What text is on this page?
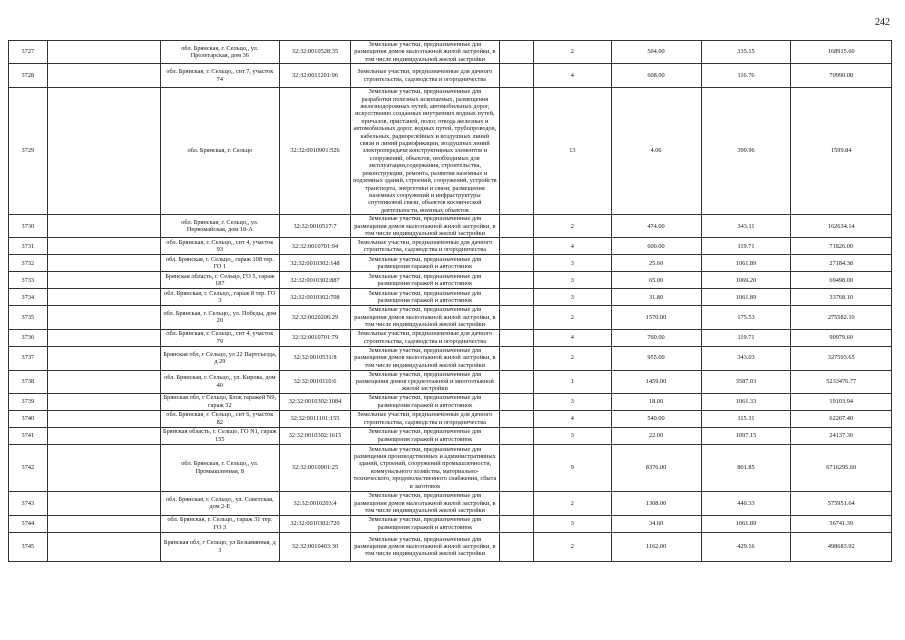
242
3727		обл. Брянская, г. Сельцо,, ул. Пролетарская, дом 36	32:32:0010528:35	Земельные участки, предназначенные для размещения домов малоэтажной жилой застройки, в том числе индивидуальной жилой застройки		2	504.00	335.15	168915.60
3728		обл. Брянская, г. Сельцо,, снт 7, участок 74	32:32:0011201:96	Земельные участки, предназначенные для дачного строительства, садоводства и огородничества		4	608.00	116.76	70990.08
3729		обл. Брянская, г. Сельцо	32:32:0010901:526	Земельные участки, предназначенные для разработки полезных ископаемых, размещения железнодорожных путей, автомобильных дорог, искусственно созданных внутренних водных путей, причалов, пристаней, полос отвода железных и автомобильных дорог, водных путей, трубопроводов, кабельных, радиорелейных и воздушных линий связи и линий радиофикации, воздушных линий электропередачи конструктивных элементов и сооружений, объектов, необходимых для эксплуатации,содержания, строительства, реконструкции, ремонта, развития наземных и подземных зданий, строений, сооружений, устройств транспорта, энергетики и связи; размещения наземных сооружений и инфраструктуры спутниковой связи, объектов космической деятельности, военных объектов		13	4.00	399.96	1599.84
3730		обл. Брянская, г. Сельцо,, ул. Первомайская, дом 18-А	32:32:0010517:7	Земельные участки, предназначенные для размещения домов малоэтажной жилой застройки, в том числе индивидуальной жилой застройки		2	474.00	343.11	162634.14
3731		обл. Брянская, г. Сельцо,, снт 4, участок 93	32:32:0010701:94	Земельные участки, предназначенные для дачного строительства, садоводства и огородничества		4	600.00	119.71	71826.00
3732		обл. Брянская, г. Сельцо,, гараж 108 тер. ГО 1	32:32:0010302:148	Земельные участки, предназначенные для размещения гаражей и автостоянок		3	25.60	1061.89	27184.38
3733		Брянская область, г. Сельцо, ГО 5, гараж 187	32:32:0010302:887	Земельные участки, предназначенные для размещения гаражей и автостоянок		3	65.00	1069.20	69498.00
3734		обл. Брянская, г. Сельцо,, гараж 8 тер. ГО 3	32:32:0010302:708	Земельные участки, предназначенные для размещения гаражей и автостоянок		3	31.80	1061.89	33768.10
3735		обл. Брянская, г. Сельцо,, ул. Победы, дом 20	32:32:0020206:29	Земельные участки, предназначенные для размещения домов малоэтажной жилой застройки, в том числе индивидуальной жилой застройки		2	1570.00	175.53	275582.10
3736		обл. Брянская, г. Сельцо,, снт 4, участок 79	32:32:0010701:79	Земельные участки, предназначенные для дачного строительства, садоводства и огородничества		4	760.00	119.71	90979.60
3737		Брянская обл, г Сельцо, ул 22 Партсъезда, д 29	32:32:0010531:8	Земельные участки, предназначенные для размещения домов малоэтажной жилой застройки, в том числе индивидуальной жилой застройки		2	955.00	343.03	327593.65
3738		обл. Брянская, г. Сельцо,, ул. Кирова, дом 40	32:32:0010110:6	Земельные участки, предназначенные для размещения домов среднеэтажной и многоэтажной жилой застройки		1	1459.00	3587.03	5233476.77
3739		Брянская обл, г Сельцо, Блок гаражей N9, гараж 32	32:32:0010302:1084	Земельные участки, предназначенные для размещения гаражей и автостоянок		3	18.00	1061.33	19103.94
3740		обл. Брянская, г. Сельцо,, снт 6, участок 82	32:32:0011101:155	Земельные участки, предназначенные для дачного строительства, садоводства и огородничества		4	540.00	115.31	62267.40
3741		Брянская область, г. Сельцо, ГО N1, гараж 155	32:32:0010302:1615	Земельные участки, предназначенные для размещения гаражей и автостоянок		3	22.00	1097.15	24137.30
3742		обл. Брянская, г. Сельцо,, ул. Промышленная, 8	32:32:0010901:25	Земельные участки, предназначенные для размещения производственных и административных зданий, строений, сооружений промышленности, коммунального хозяйства, материально-технического, продовольственного снабжения, сбыта и заготовок		9	8376.00	801.85	6716295.60
3743		обл. Брянская, г. Сельцо,, ул. Советская, дом 2-Е	32:32:0010203:4	Земельные участки, предназначенные для размещения домов малоэтажной жилой застройки, в том числе индивидуальной жилой застройки		2	1308.00	440.33	575951.64
3744		обл. Брянская, г. Сельцо,, гараж 31 тер. ГО 3	32:32:0010302:720	Земельные участки, предназначенные для размещения гаражей и автостоянок		3	34.60	1061.89	36741.39
3745		Брянская обл, г Сельцо, ул Безымянная, д 3	32:32:0010403:30	Земельные участки, предназначенные для размещения домов малоэтажной жилой застройки, в том числе индивидуальной жилой застройки		2	1162.00	429.16	498683.92
